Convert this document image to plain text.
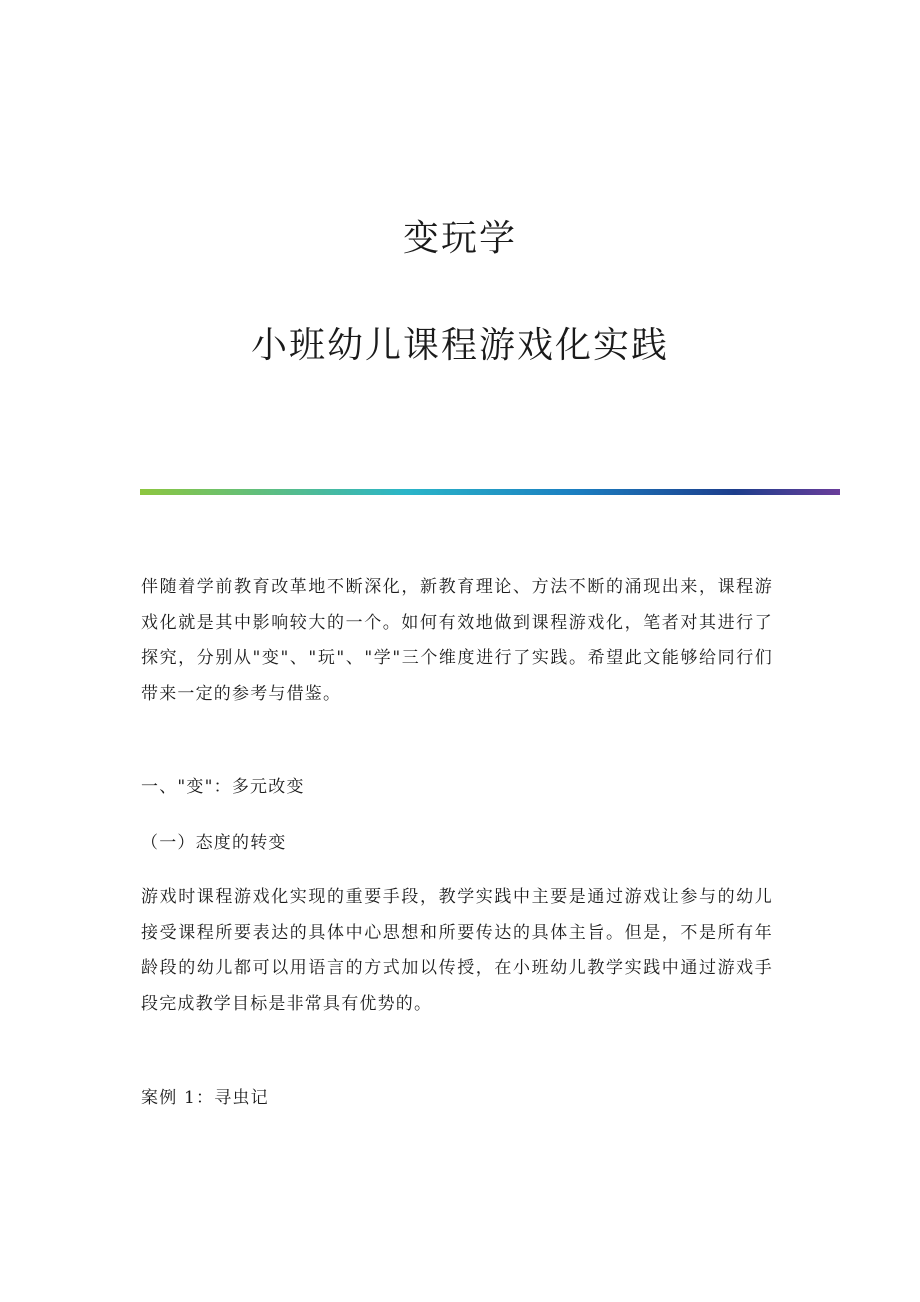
变玩学
小班幼儿课程游戏化实践

伴随着学前教育改革地不断深化，新教育理论、方法不断的涌现出来，课程游戏化就是其中影响较大的一个。如何有效地做到课程游戏化，笔者对其进行了探究，分别从"变"、"玩"、"学"三个维度进行了实践。希望此文能够给同行们带来一定的参考与借鉴。

一、"变"：多元改变

（一）态度的转变

游戏时课程游戏化实现的重要手段，教学实践中主要是通过游戏让参与的幼儿接受课程所要表达的具体中心思想和所要传达的具体主旨。但是，不是所有年龄段的幼儿都可以用语言的方式加以传授，在小班幼儿教学实践中通过游戏手段完成教学目标是非常具有优势的。

案例 1：寻虫记
